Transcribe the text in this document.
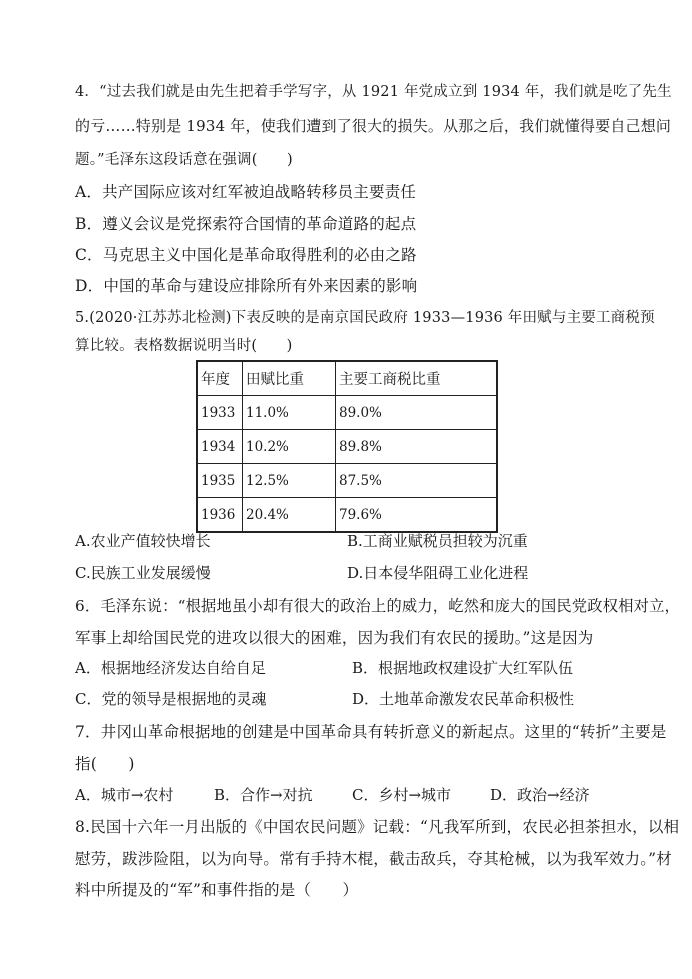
4．“过去我们就是由先生把着手学写字，从 1921 年党成立到 1934 年，我们就是吃了先生
的亏……特别是 1934 年，使我们遭到了很大的损失。从那之后，我们就懂得要自己想问
题。”毛泽东这段话意在强调(　　)
A．共产国际应该对红军被迫战略转移员主要责任
B．遵义会议是党探索符合国情的革命道路的起点
C．马克思主义中国化是革命取得胜利的必由之路
D．中国的革命与建设应排除所有外来因素的影响
5.(2020·江苏苏北检测)下表反映的是南京国民政府 1933—1936 年田赋与主要工商税预
算比较。表格数据说明当时(　　)
年度	田赋比重	主要工商税比重
1933	11.0%	89.0%
1934	10.2%	89.8%
1935	12.5%	87.5%
1936	20.4%	79.6%
A.农业产值较快增长	B.工商业赋税员担较为沉重
C.民族工业发展缓慢	D.日本侵华阻碍工业化进程
6．毛泽东说：“根据地虽小却有很大的政治上的威力，屹然和庞大的国民党政权相对立，
军事上却给国民党的进攻以很大的困难，因为我们有农民的援助。”这是因为
A．根据地经济发达自给自足	B．根据地政权建设扩大红军队伍
C．党的领导是根据地的灵魂	D．土地革命激发农民革命积极性
7．井冈山革命根据地的创建是中国革命具有转折意义的新起点。这里的“转折”主要是
指(　　)
A．城市→农村	B．合作→对抗	C．乡村→城市	D．政治→经济
8.民国十六年一月出版的《中国农民问题》记载：“凡我军所到，农民必担茶担水，以相
慰劳，跋涉险阻，以为向导。常有手持木棍，截击敌兵，夺其枪械，以为我军效力。”材
料中所提及的“军”和事件指的是（　　）
